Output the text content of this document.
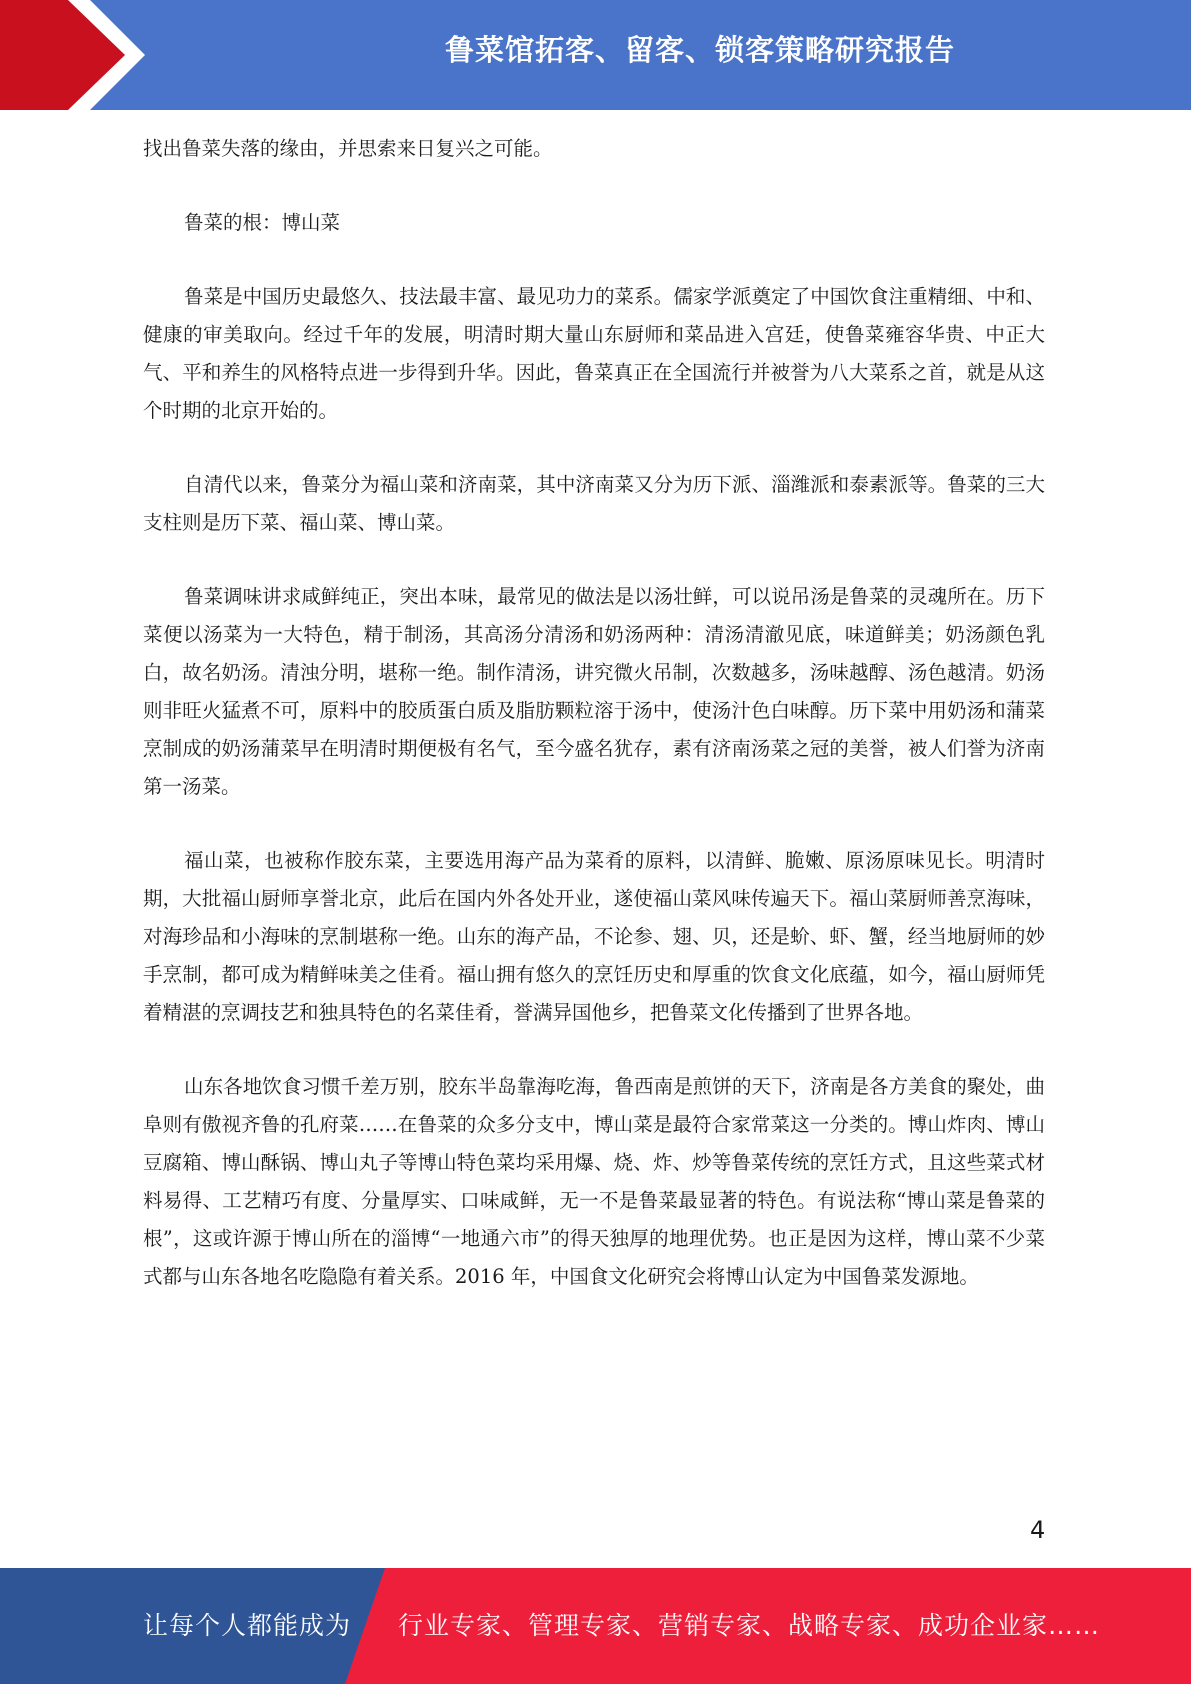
鲁菜馆拓客、留客、锁客策略研究报告

找出鲁菜失落的缘由，并思索来日复兴之可能。

鲁菜的根：博山菜

鲁菜是中国历史最悠久、技法最丰富、最见功力的菜系。儒家学派奠定了中国饮食注重精细、中和、健康的审美取向。经过千年的发展，明清时期大量山东厨师和菜品进入宫廷，使鲁菜雍容华贵、中正大气、平和养生的风格特点进一步得到升华。因此，鲁菜真正在全国流行并被誉为八大菜系之首，就是从这个时期的北京开始的。

自清代以来，鲁菜分为福山菜和济南菜，其中济南菜又分为历下派、淄潍派和泰素派等。鲁菜的三大支柱则是历下菜、福山菜、博山菜。

鲁菜调味讲求咸鲜纯正，突出本味，最常见的做法是以汤壮鲜，可以说吊汤是鲁菜的灵魂所在。历下菜便以汤菜为一大特色，精于制汤，其高汤分清汤和奶汤两种：清汤清澈见底，味道鲜美；奶汤颜色乳白，故名奶汤。清浊分明，堪称一绝。制作清汤，讲究微火吊制，次数越多，汤味越醇、汤色越清。奶汤则非旺火猛煮不可，原料中的胶质蛋白质及脂肪颗粒溶于汤中，使汤汁色白味醇。历下菜中用奶汤和蒲菜烹制成的奶汤蒲菜早在明清时期便极有名气，至今盛名犹存，素有济南汤菜之冠的美誉，被人们誉为济南第一汤菜。

福山菜，也被称作胶东菜，主要选用海产品为菜肴的原料，以清鲜、脆嫩、原汤原味见长。明清时期，大批福山厨师享誉北京，此后在国内外各处开业，遂使福山菜风味传遍天下。福山菜厨师善烹海味，对海珍品和小海味的烹制堪称一绝。山东的海产品，不论参、翅、贝，还是蚧、虾、蟹，经当地厨师的妙手烹制，都可成为精鲜味美之佳肴。福山拥有悠久的烹饪历史和厚重的饮食文化底蕴，如今，福山厨师凭着精湛的烹调技艺和独具特色的名菜佳肴，誉满异国他乡，把鲁菜文化传播到了世界各地。

山东各地饮食习惯千差万别，胶东半岛靠海吃海，鲁西南是煎饼的天下，济南是各方美食的聚处，曲阜则有傲视齐鲁的孔府菜……在鲁菜的众多分支中，博山菜是最符合家常菜这一分类的。博山炸肉、博山豆腐箱、博山酥锅、博山丸子等博山特色菜均采用爆、烧、炸、炒等鲁菜传统的烹饪方式，且这些菜式材料易得、工艺精巧有度、分量厚实、口味咸鲜，无一不是鲁菜最显著的特色。有说法称“博山菜是鲁菜的根”，这或许源于博山所在的淄博“一地通六市”的得天独厚的地理优势。也正是因为这样，博山菜不少菜式都与山东各地名吃隐隐有着关系。2016 年，中国食文化研究会将博山认定为中国鲁菜发源地。

4
让每个人都能成为 行业专家、管理专家、营销专家、战略专家、成功企业家……
